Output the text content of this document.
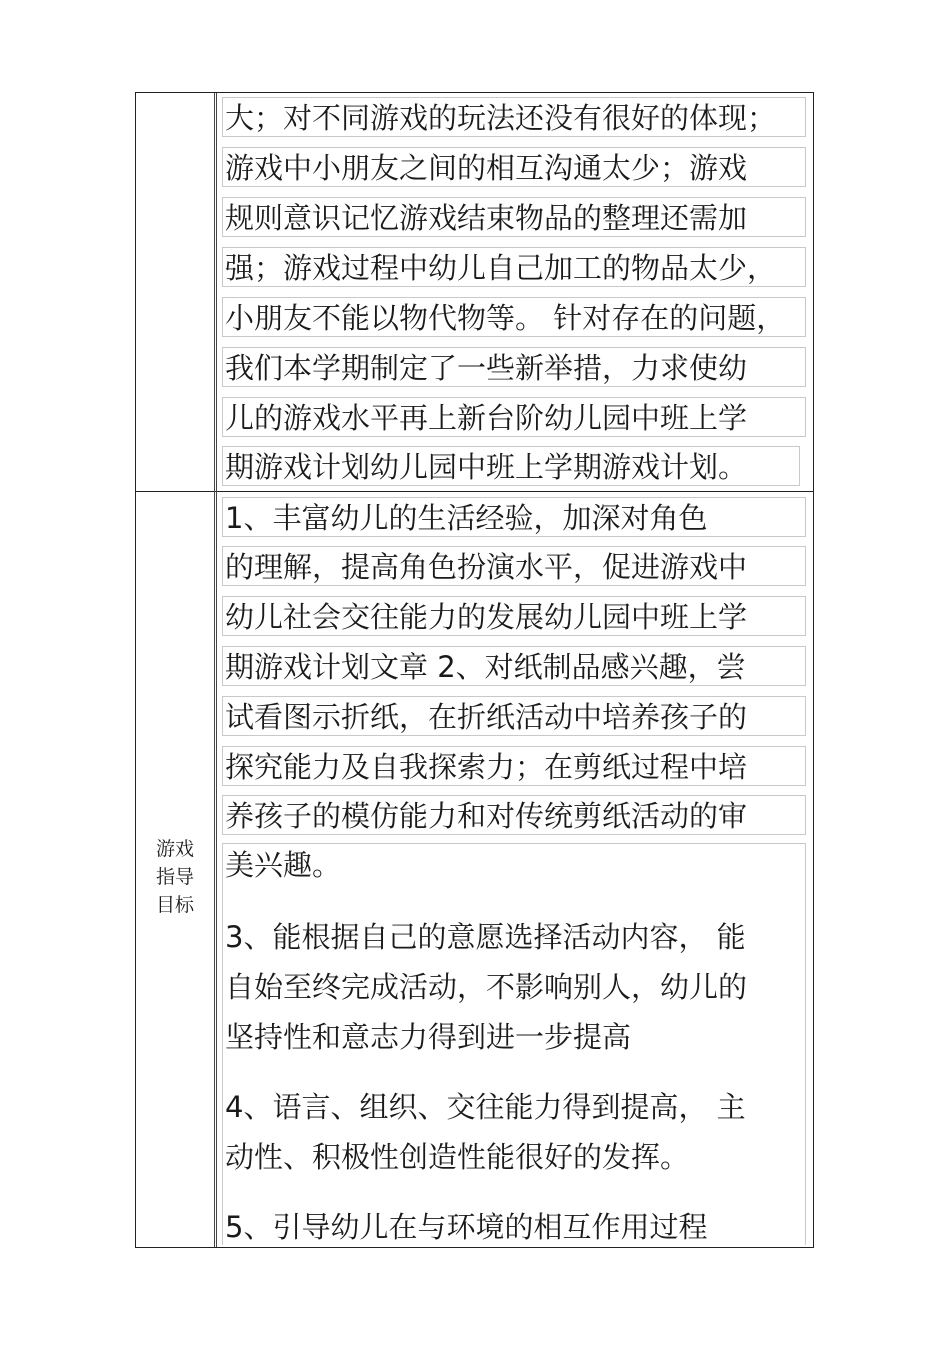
游戏
指导
目标
大；对不同游戏的玩法还没有很好的体现；
游戏中小朋友之间的相互沟通太少；游戏
规则意识记忆游戏结束物品的整理还需加
强；游戏过程中幼儿自己加工的物品太少，
小朋友不能以物代物等。 针对存在的问题，
我们本学期制定了一些新举措，力求使幼
儿的游戏水平再上新台阶幼儿园中班上学
期游戏计划幼儿园中班上学期游戏计划。
1、丰富幼儿的生活经验，加深对角色
的理解，提高角色扮演水平，促进游戏中
幼儿社会交往能力的发展幼儿园中班上学
期游戏计划文章 2、对纸制品感兴趣，尝
试看图示折纸，在折纸活动中培养孩子的
探究能力及自我探索力；在剪纸过程中培
养孩子的模仿能力和对传统剪纸活动的审
美兴趣。
3、能根据自己的意愿选择活动内容， 能
自始至终完成活动，不影响别人，幼儿的
坚持性和意志力得到进一步提高
4、语言、组织、交往能力得到提高， 主
动性、积极性创造性能很好的发挥。
5、引导幼儿在与环境的相互作用过程
